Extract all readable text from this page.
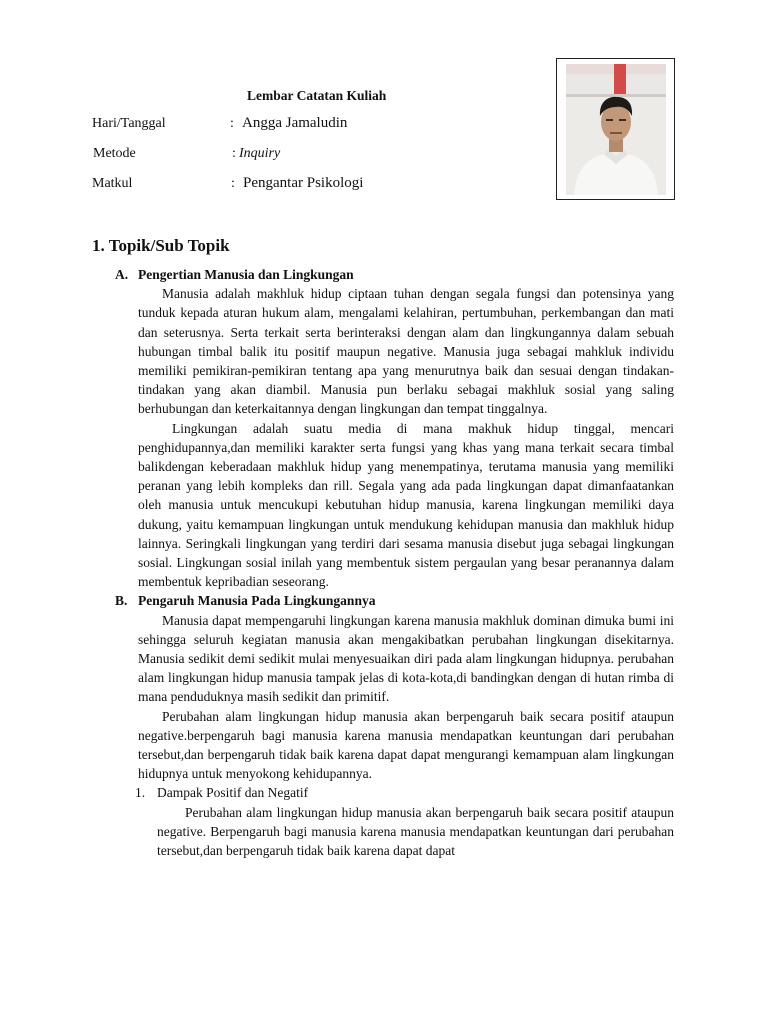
Lembar Catatan Kuliah
Hari/Tanggal	: Angga Jamaludin
Metode	: Inquiry
Matkul	: Pengantar Psikologi
1. Topik/Sub Topik
A. Pengertian Manusia dan Lingkungan

Manusia adalah makhluk hidup ciptaan tuhan dengan segala fungsi dan potensinya yang tunduk kepada aturan hukum alam, mengalami kelahiran, pertumbuhan, perkembangan dan mati dan seterusnya. Serta terkait serta berinteraksi dengan alam dan lingkungannya dalam sebuah hubungan timbal balik itu positif maupun negative. Manusia juga sebagai mahkluk individu memiliki pemikiran-pemikiran tentang apa yang menurutnya baik dan sesuai dengan tindakan-tindakan yang akan diambil. Manusia pun berlaku sebagai makhluk sosial yang saling berhubungan dan keterkaitannya dengan lingkungan dan tempat tinggalnya.

Lingkungan adalah suatu media di mana makhuk hidup tinggal, mencari penghidupannya,dan memiliki karakter serta fungsi yang khas yang mana terkait secara timbal balikdengan keberadaan makhluk hidup yang menempatinya, terutama manusia yang memiliki peranan yang lebih kompleks dan rill. Segala yang ada pada lingkungan dapat dimanfaatankan oleh manusia untuk mencukupi kebutuhan hidup manusia, karena lingkungan memiliki daya dukung, yaitu kemampuan lingkungan untuk mendukung kehidupan manusia dan makhluk hidup lainnya. Seringkali lingkungan yang terdiri dari sesama manusia disebut juga sebagai lingkungan sosial. Lingkungan sosial inilah yang membentuk sistem pergaulan yang besar peranannya dalam membentuk kepribadian seseorang.

B. Pengaruh Manusia Pada Lingkungannya

Manusia dapat mempengaruhi lingkungan karena manusia makhluk dominan dimuka bumi ini sehingga seluruh kegiatan manusia akan mengakibatkan perubahan lingkungan disekitarnya. Manusia sedikit demi sedikit mulai menyesuaikan diri pada alam lingkungan hidupnya. perubahan alam lingkungan hidup manusia tampak jelas di kota-kota,di bandingkan dengan di hutan rimba di mana penduduknya masih sedikit dan primitif.

Perubahan alam lingkungan hidup manusia akan berpengaruh baik secara positif ataupun negative.berpengaruh bagi manusia karena manusia mendapatkan keuntungan dari perubahan tersebut,dan berpengaruh tidak baik karena dapat dapat mengurangi kemampuan alam lingkungan hidupnya untuk menyokong kehidupannya.

1. Dampak Positif dan Negatif

Perubahan alam lingkungan hidup manusia akan berpengaruh baik secara positif ataupun negative. Berpengaruh bagi manusia karena manusia mendapatkan keuntungan dari perubahan tersebut,dan berpengaruh tidak baik karena dapat dapat
